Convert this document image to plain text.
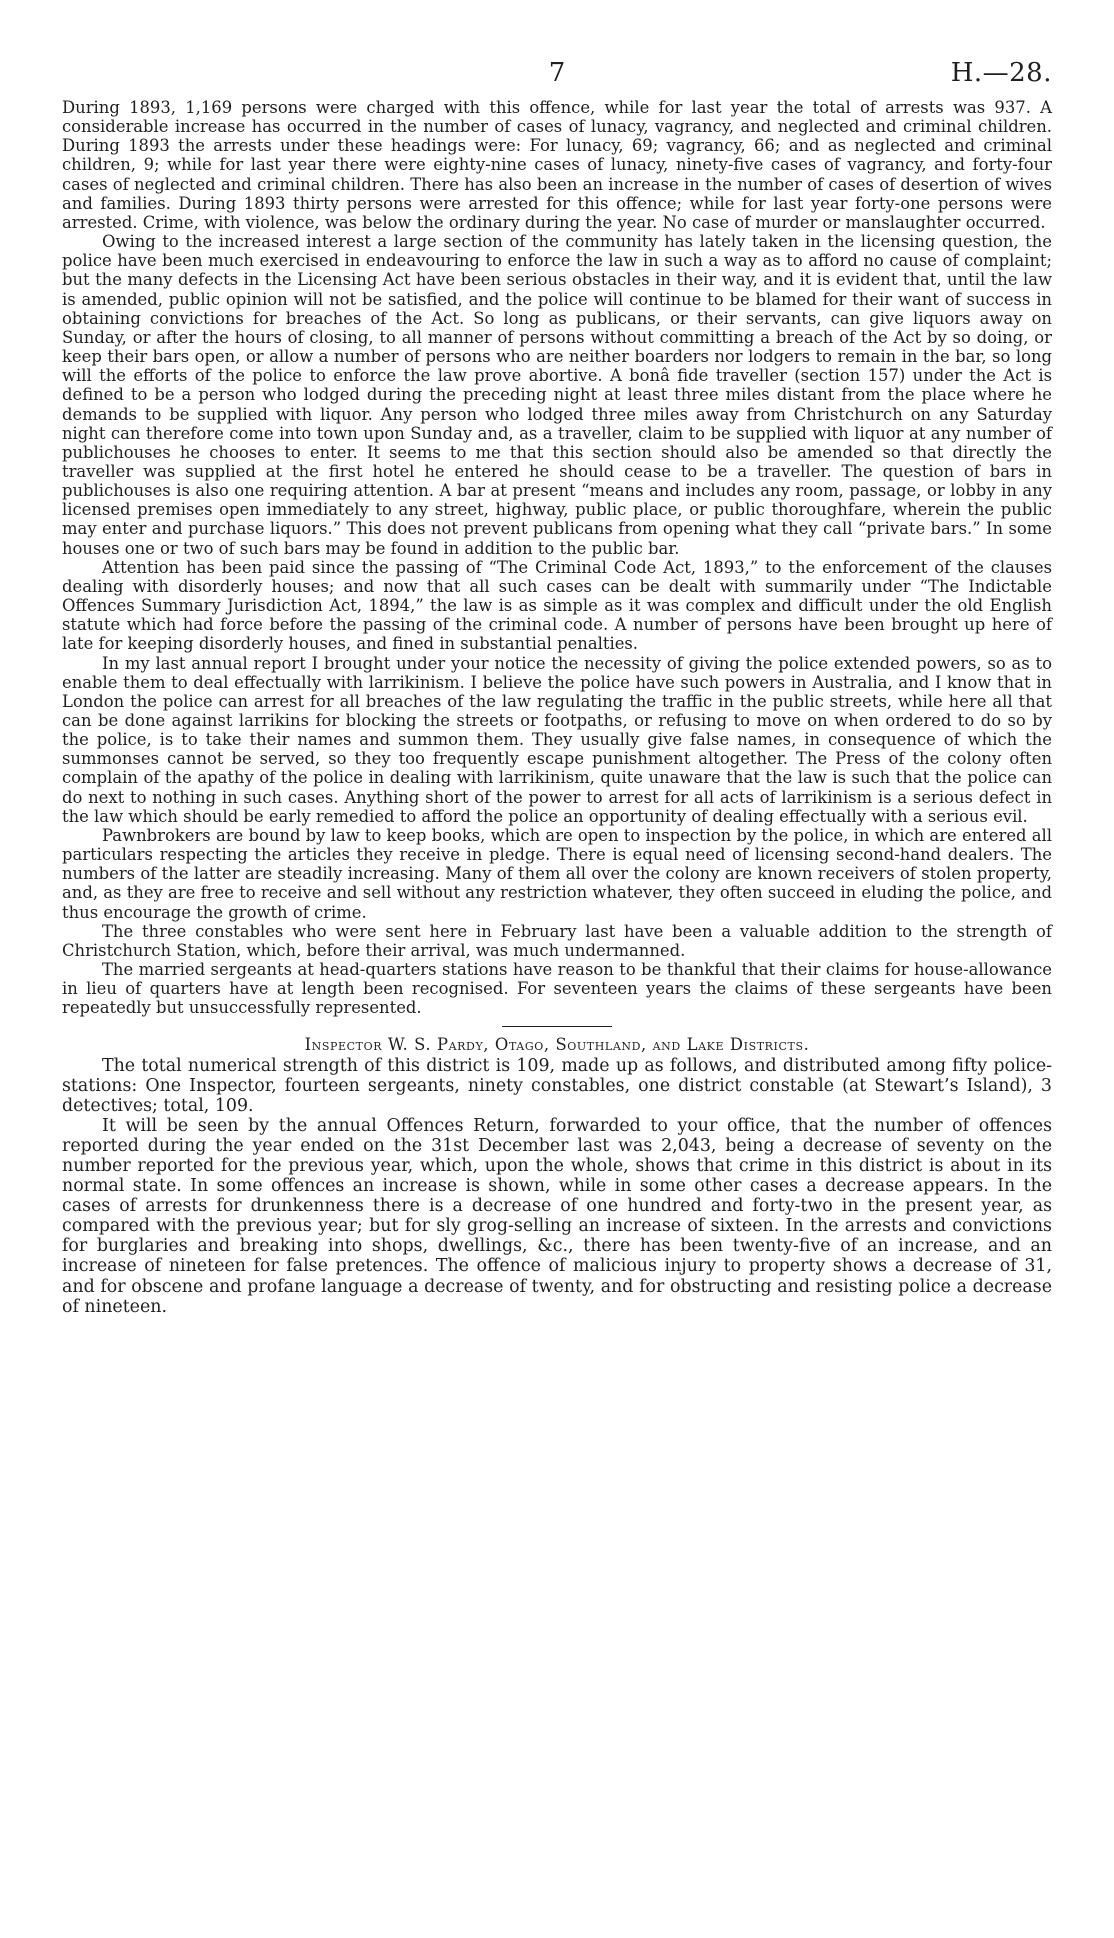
7	H.—28.

During 1893, 1,169 persons were charged with this offence, while for last year the total of arrests was 937. A considerable increase has occurred in the number of cases of lunacy, vagrancy, and neglected and criminal children. During 1893 the arrests under these headings were: For lunacy, 69; vagrancy, 66; and as neglected and criminal children, 9; while for last year there were eighty-nine cases of lunacy, ninety-five cases of vagrancy, and forty-four cases of neglected and criminal children. There has also been an increase in the number of cases of desertion of wives and families. During 1893 thirty persons were arrested for this offence; while for last year forty-one persons were arrested. Crime, with violence, was below the ordinary during the year. No case of murder or manslaughter occurred.

Owing to the increased interest a large section of the community has lately taken in the licensing question, the police have been much exercised in endeavouring to enforce the law in such a way as to afford no cause of complaint; but the many defects in the Licensing Act have been serious obstacles in their way, and it is evident that, until the law is amended, public opinion will not be satisfied, and the police will continue to be blamed for their want of success in obtaining convictions for breaches of the Act. So long as publicans, or their servants, can give liquors away on Sunday, or after the hours of closing, to all manner of persons without committing a breach of the Act by so doing, or keep their bars open, or allow a number of persons who are neither boarders nor lodgers to remain in the bar, so long will the efforts of the police to enforce the law prove abortive. A bonâ fide traveller (section 157) under the Act is defined to be a person who lodged during the preceding night at least three miles distant from the place where he demands to be supplied with liquor. Any person who lodged three miles away from Christchurch on any Saturday night can therefore come into town upon Sunday and, as a traveller, claim to be supplied with liquor at any number of publichouses he chooses to enter. It seems to me that this section should also be amended so that directly the traveller was supplied at the first hotel he entered he should cease to be a traveller. The question of bars in publichouses is also one requiring attention. A bar at present “means and includes any room, passage, or lobby in any licensed premises open immediately to any street, highway, public place, or public thoroughfare, wherein the public may enter and purchase liquors.” This does not prevent publicans from opening what they call “private bars.” In some houses one or two of such bars may be found in addition to the public bar.

Attention has been paid since the passing of “The Criminal Code Act, 1893,” to the enforcement of the clauses dealing with disorderly houses; and now that all such cases can be dealt with summarily under “The Indictable Offences Summary Jurisdiction Act, 1894,” the law is as simple as it was complex and difficult under the old English statute which had force before the passing of the criminal code. A number of persons have been brought up here of late for keeping disorderly houses, and fined in substantial penalties.

In my last annual report I brought under your notice the necessity of giving the police extended powers, so as to enable them to deal effectually with larrikinism. I believe the police have such powers in Australia, and I know that in London the police can arrest for all breaches of the law regulating the traffic in the public streets, while here all that can be done against larrikins for blocking the streets or footpaths, or refusing to move on when ordered to do so by the police, is to take their names and summon them. They usually give false names, in consequence of which the summonses cannot be served, so they too frequently escape punishment altogether. The Press of the colony often complain of the apathy of the police in dealing with larrikinism, quite unaware that the law is such that the police can do next to nothing in such cases. Anything short of the power to arrest for all acts of larrikinism is a serious defect in the law which should be early remedied to afford the police an opportunity of dealing effectually with a serious evil.

Pawnbrokers are bound by law to keep books, which are open to inspection by the police, in which are entered all particulars respecting the articles they receive in pledge. There is equal need of licensing second-hand dealers. The numbers of the latter are steadily increasing. Many of them all over the colony are known receivers of stolen property, and, as they are free to receive and sell without any restriction whatever, they often succeed in eluding the police, and thus encourage the growth of crime.

The three constables who were sent here in February last have been a valuable addition to the strength of Christchurch Station, which, before their arrival, was much undermanned.

The married sergeants at head-quarters stations have reason to be thankful that their claims for house-allowance in lieu of quarters have at length been recognised. For seventeen years the claims of these sergeants have been repeatedly but unsuccessfully represented.

Inspector W. S. Pardy, Otago, Southland, and Lake Districts.

The total numerical strength of this district is 109, made up as follows, and distributed among fifty police-stations: One Inspector, fourteen sergeants, ninety constables, one district constable (at Stewart’s Island), 3 detectives; total, 109.

It will be seen by the annual Offences Return, forwarded to your office, that the number of offences reported during the year ended on the 31st December last was 2,043, being a decrease of seventy on the number reported for the previous year, which, upon the whole, shows that crime in this district is about in its normal state. In some offences an increase is shown, while in some other cases a decrease appears. In the cases of arrests for drunkenness there is a decrease of one hundred and forty-two in the present year, as compared with the previous year; but for sly grog-selling an increase of sixteen. In the arrests and convictions for burglaries and breaking into shops, dwellings, &c., there has been twenty-five of an increase, and an increase of nineteen for false pretences. The offence of malicious injury to property shows a decrease of 31, and for obscene and profane language a decrease of twenty, and for obstructing and resisting police a decrease of nineteen.
